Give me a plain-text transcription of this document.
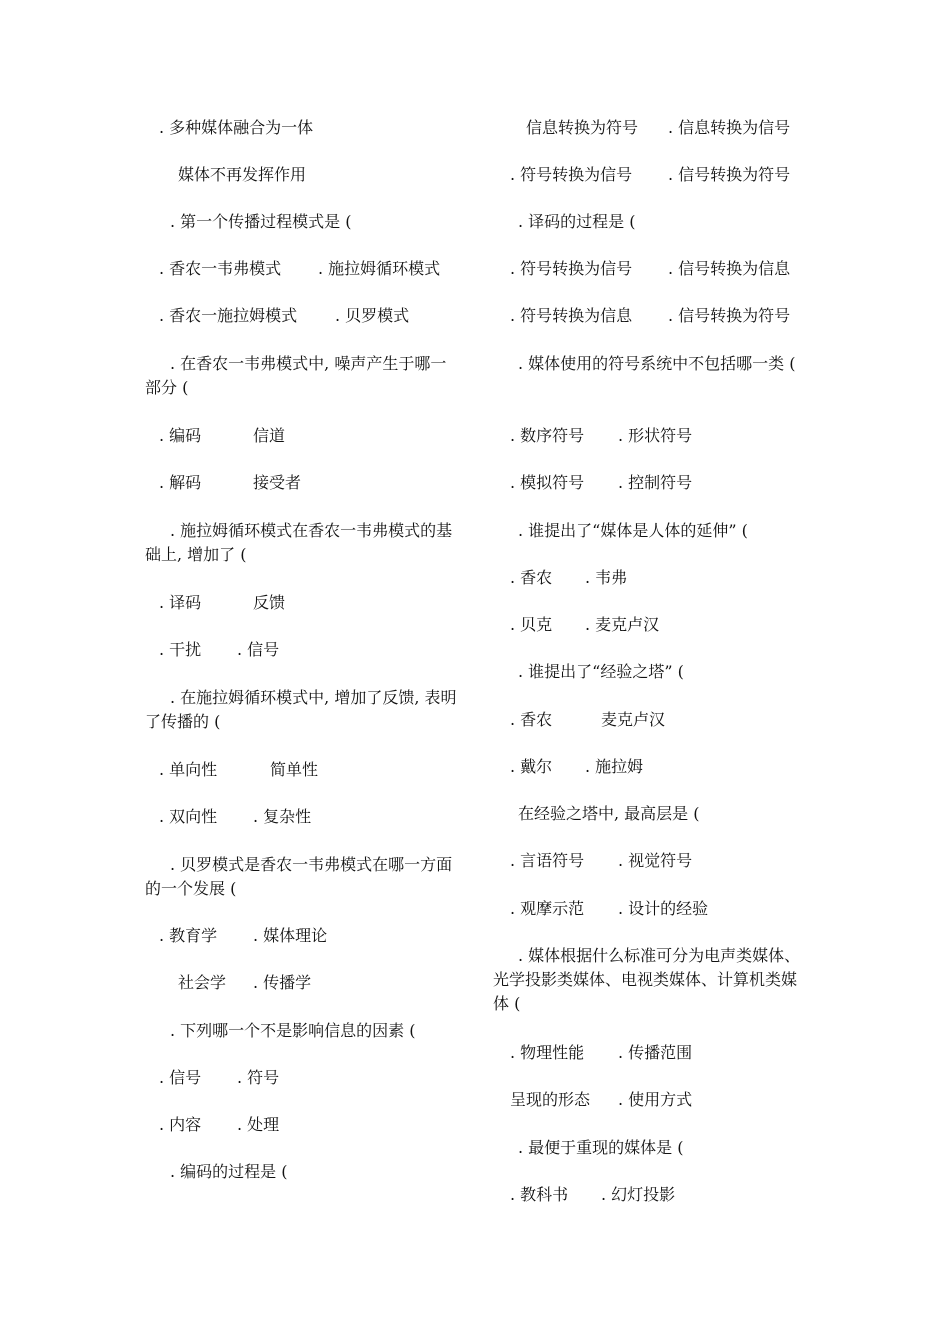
. 多种媒体融合为一体
媒体不再发挥作用
. 第一个传播过程模式是 (
. 香农一韦弗模式 . 施拉姆循环模式
. 香农一施拉姆模式 . 贝罗模式
. 在香农一韦弗模式中, 噪声产生于哪一部分 (
. 编码	信道
. 解码	接受者
. 施拉姆循环模式在香农一韦弗模式的基础上, 增加了 (
. 译码	反馈
. 干扰 . 信号
. 在施拉姆循环模式中, 增加了反馈, 表明了传播的 (
. 单向性	简单性
. 双向性 . 复杂性
. 贝罗模式是香农一韦弗模式在哪一方面的一个发展 (
. 教育学 . 媒体理论
社会学 . 传播学
. 下列哪一个不是影响信息的因素 (
. 信号 . 符号
. 内容 . 处理
. 编码的过程是 (
信息转换为符号 . 信息转换为信号
. 符号转换为信号 . 信号转换为符号
. 译码的过程是 (
. 符号转换为信号 . 信号转换为信息
. 符号转换为信息 . 信号转换为符号
. 媒体使用的符号系统中不包括哪一类 (
. 数序符号 . 形状符号
. 模拟符号 . 控制符号
. 谁提出了“媒体是人体的延伸” (
. 香农 . 韦弗
. 贝克 . 麦克卢汉
. 谁提出了“经验之塔” (
. 香农	麦克卢汉
. 戴尔 . 施拉姆
在经验之塔中, 最高层是 (
. 言语符号 . 视觉符号
. 观摩示范 . 设计的经验
. 媒体根据什么标准可分为电声类媒体、光学投影类媒体、电视类媒体、计算机类媒体 (
. 物理性能 . 传播范围
呈现的形态 . 使用方式
. 最便于重现的媒体是 (
. 教科书 . 幻灯投影
